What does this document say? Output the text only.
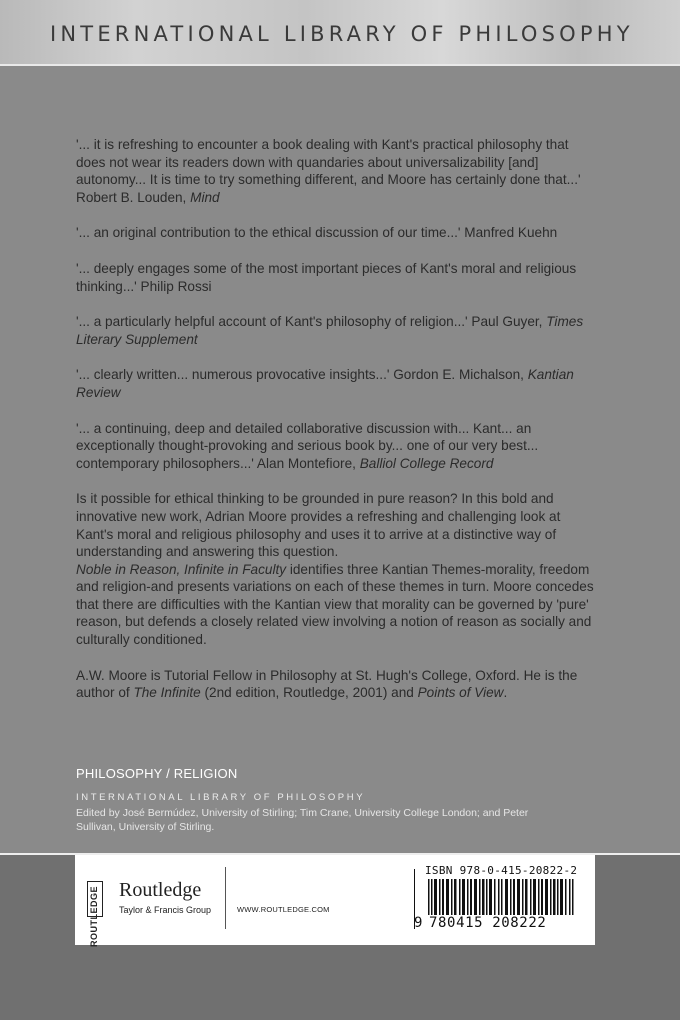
INTERNATIONAL LIBRARY OF PHILOSOPHY

'... it is refreshing to encounter a book dealing with Kant's practical philosophy that does not wear its readers down with quandaries about universalizability [and] autonomy... It is time to try something different, and Moore has certainly done that...' Robert B. Louden, Mind

'... an original contribution to the ethical discussion of our time...' Manfred Kuehn

'... deeply engages some of the most important pieces of Kant's moral and religious thinking...' Philip Rossi

'... a particularly helpful account of Kant's philosophy of religion...' Paul Guyer, Times Literary Supplement

'... clearly written... numerous provocative insights...' Gordon E. Michalson, Kantian Review

'... a continuing, deep and detailed collaborative discussion with... Kant... an exceptionally thought-provoking and serious book by... one of our very best... contemporary philosophers...' Alan Montefiore, Balliol College Record

Is it possible for ethical thinking to be grounded in pure reason? In this bold and innovative new work, Adrian Moore provides a refreshing and challenging look at Kant's moral and religious philosophy and uses it to arrive at a distinctive way of understanding and answering this question.

Noble in Reason, Infinite in Faculty identifies three Kantian Themes-morality, freedom and religion-and presents variations on each of these themes in turn. Moore concedes that there are difficulties with the Kantian view that morality can be governed by 'pure' reason, but defends a closely related view involving a notion of reason as socially and culturally conditioned.

A.W. Moore is Tutorial Fellow in Philosophy at St. Hugh's College, Oxford. He is the author of The Infinite (2nd edition, Routledge, 2001) and Points of View.

PHILOSOPHY / RELIGION
INTERNATIONAL LIBRARY OF PHILOSOPHY
Edited by José Bermúdez, University of Stirling; Tim Crane, University College London; and Peter Sullivan, University of Stirling.
ROUTLEDGE Routledge
Taylor & Francis Group	WWW.ROUTLEDGE.COM
ISBN 978-0-415-20822-2
9 780415 208222
